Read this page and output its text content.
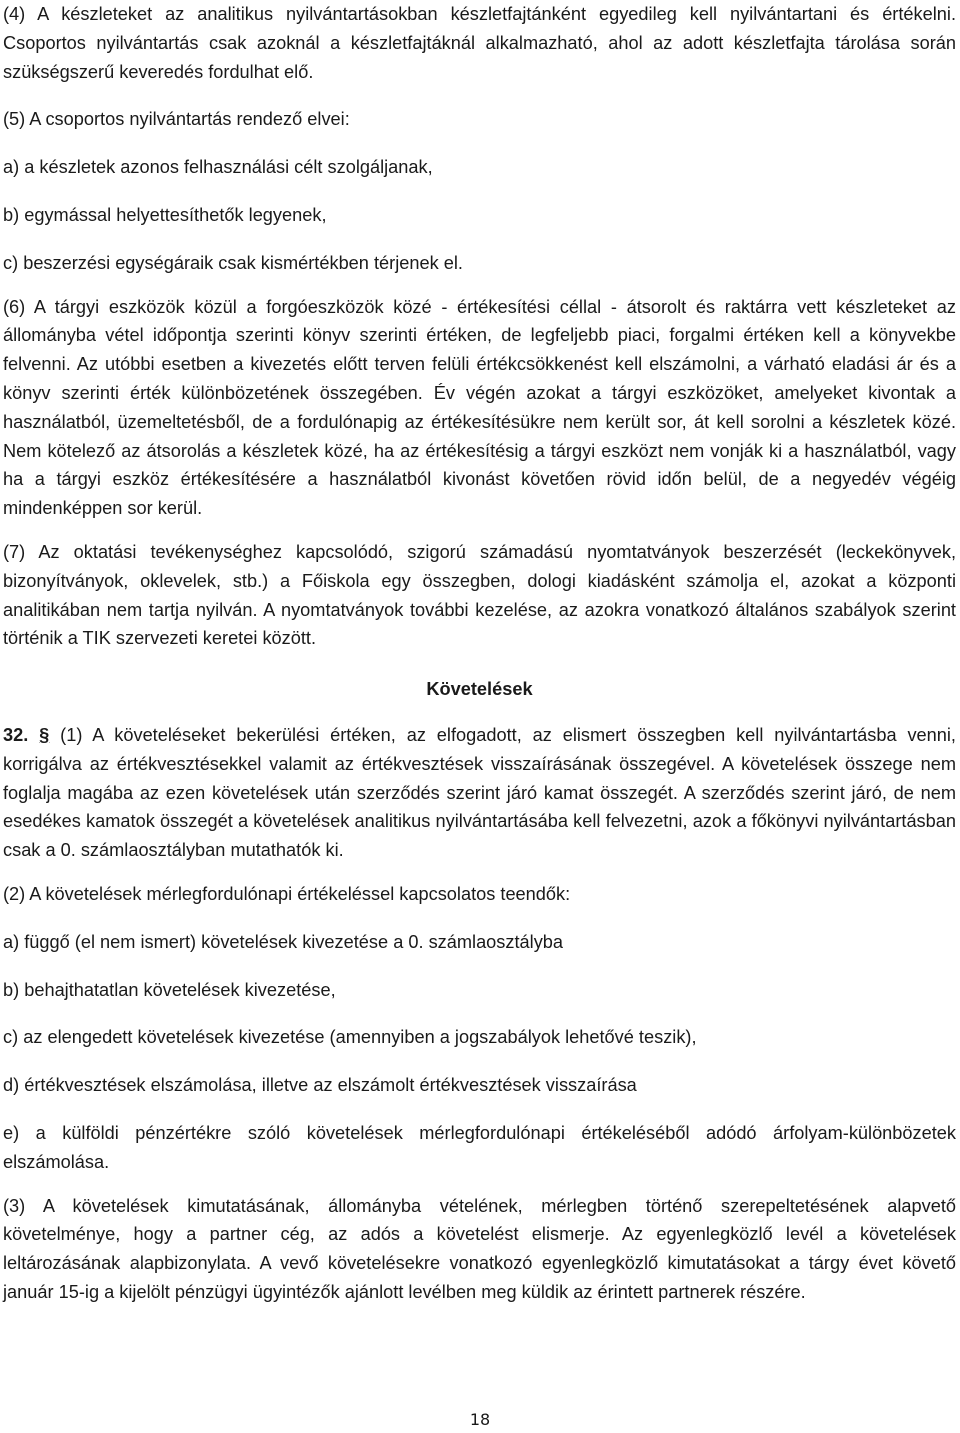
(4) A készleteket az analitikus nyilvántartásokban készletfajtánként egyedileg kell nyilvántartani és értékelni. Csoportos nyilvántartás csak azoknál a készletfajtáknál alkalmazható, ahol az adott készletfajta tárolása során szükségszerű keveredés fordulhat elő.

(5) A csoportos nyilvántartás rendező elvei:

a) a készletek azonos felhasználási célt szolgáljanak,

b) egymással helyettesíthetők legyenek,

c) beszerzési egységáraik csak kismértékben térjenek el.

(6) A tárgyi eszközök közül a forgóeszközök közé - értékesítési céllal - átsorolt és raktárra vett készleteket az állományba vétel időpontja szerinti könyv szerinti értéken, de legfeljebb piaci, forgalmi értéken kell a könyvekbe felvenni. Az utóbbi esetben a kivezetés előtt terven felüli értékcsökkenést kell elszámolni, a várható eladási ár és a könyv szerinti érték különbözetének összegében. Év végén azokat a tárgyi eszközöket, amelyeket kivontak a használatból, üzemeltetésből, de a fordulónapig az értékesítésükre nem került sor, át kell sorolni a készletek közé. Nem kötelező az átsorolás a készletek közé, ha az értékesítésig a tárgyi eszközt nem vonják ki a használatból, vagy ha a tárgyi eszköz értékesítésére a használatból kivonást követően rövid időn belül, de a negyedév végéig mindenképpen sor kerül.

(7) Az oktatási tevékenységhez kapcsolódó, szigorú számadású nyomtatványok beszerzését (leckekönyvek, bizonyítványok, oklevelek, stb.) a Főiskola egy összegben, dologi kiadásként számolja el, azokat a központi analitikában nem tartja nyilván. A nyomtatványok további kezelése, az azokra vonatkozó általános szabályok szerint történik a TIK szervezeti keretei között.

Követelések

32. § (1) A követeléseket bekerülési értéken, az elfogadott, az elismert összegben kell nyilvántartásba venni, korrigálva az értékvesztésekkel valamit az értékvesztések visszaírásának összegével. A követelések összege nem foglalja magába az ezen követelések után szerződés szerint járó kamat összegét. A szerződés szerint járó, de nem esedékes kamatok összegét a követelések analitikus nyilvántartásába kell felvezetni, azok a főkönyvi nyilvántartásban csak a 0. számlaosztályban mutathatók ki.

(2) A követelések mérlegfordulónapi értékeléssel kapcsolatos teendők:

a) függő (el nem ismert) követelések kivezetése a 0. számlaosztályba

b) behajthatatlan követelések kivezetése,

c) az elengedett követelések kivezetése (amennyiben a jogszabályok lehetővé teszik),

d) értékvesztések elszámolása, illetve az elszámolt értékvesztések visszaírása

e) a külföldi pénzértékre szóló követelések mérlegfordulónapi értékeléséből adódó árfolyam-különbözetek elszámolása.

(3) A követelések kimutatásának, állományba vételének, mérlegben történő szerepeltetésének alapvető követelménye, hogy a partner cég, az adós a követelést elismerje. Az egyenlegközlő levél a követelések leltározásának alapbizonylata. A vevő követelésekre vonatkozó egyenlegközlő kimutatásokat a tárgy évet követő január 15-ig a kijelölt pénzügyi ügyintézők ajánlott levélben meg küldik az érintett partnerek részére.

18
